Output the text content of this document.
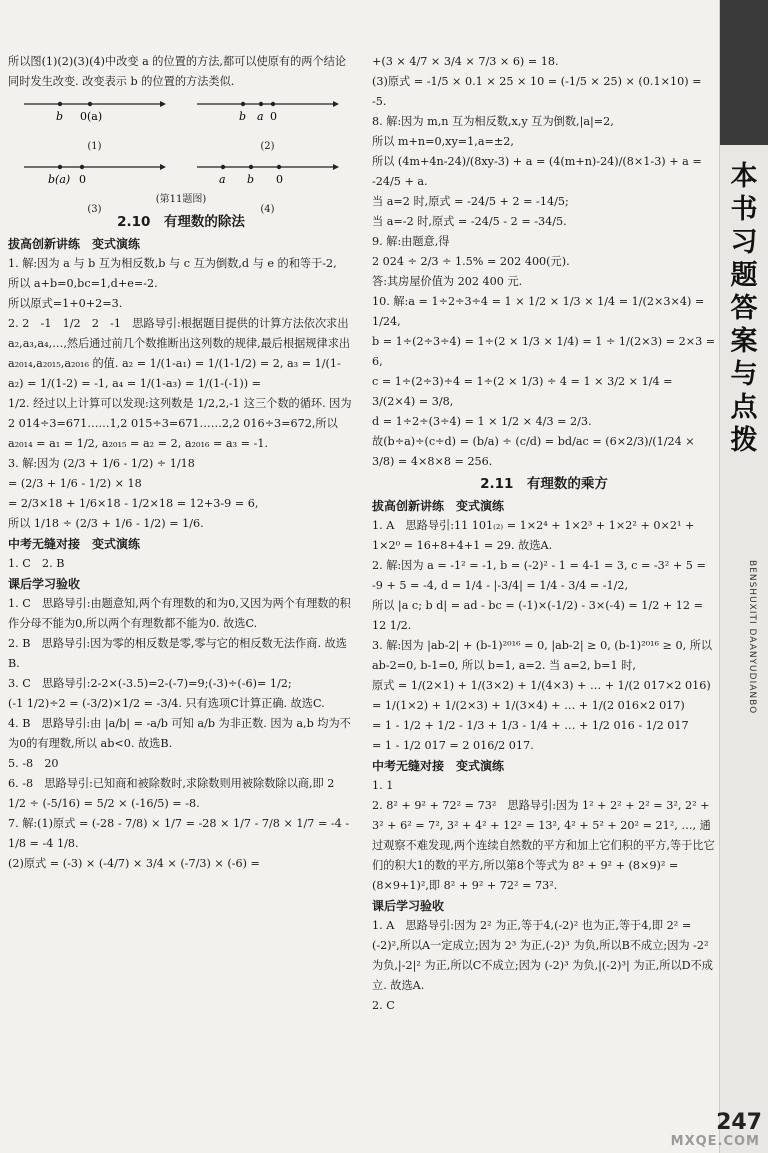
所以图(1)(2)(3)(4)中改变 a 的位置的方法,都可以使原有的两个结论同时发生改变. 改变表示 b 的位置的方法类似.

b 0(a)
(1)
b a 0
(2)
b(a) 0
(3)
a b 0
(4)
(第11题图)
2.10　有理数的除法
拔高创新讲练　变式演练

1. 解:因为 a 与 b 互为相反数,b 与 c 互为倒数,d 与 e 的和等于-2,

所以 a+b=0,bc=1,d+e=-2.

所以原式=1+0+2=3.

2. 2　-1　1/2　2　-1　思路导引:根据题目提供的计算方法依次求出 a₂,a₃,a₄,…,然后通过前几个数推断出这列数的规律,最后根据规律求出 a₂₀₁₄,a₂₀₁₅,a₂₀₁₆ 的值. a₂ = 1/(1-a₁) = 1/(1-1/2) = 2, a₃ = 1/(1-a₂) = 1/(1-2) = -1, a₄ = 1/(1-a₃) = 1/(1-(-1)) =

1/2. 经过以上计算可以发现:这列数是 1/2,2,-1 这三个数的循环. 因为 2 014÷3=671……1,2 015÷3=671……2,2 016÷3=672,所以 a₂₀₁₄ = a₁ = 1/2, a₂₀₁₅ = a₂ = 2, a₂₀₁₆ = a₃ = -1.

3. 解:因为 (2/3 + 1/6 - 1/2) ÷ 1/18

= (2/3 + 1/6 - 1/2) × 18

= 2/3×18 + 1/6×18 - 1/2×18 = 12+3-9 = 6,

所以 1/18 ÷ (2/3 + 1/6 - 1/2) = 1/6.

中考无缝对接　变式演练

1. C　2. B

课后学习验收

1. C　思路导引:由题意知,两个有理数的和为0,又因为两个有理数的积作分母不能为0,所以两个有理数都不能为0. 故选C.

2. B　思路导引:因为零的相反数是零,零与它的相反数无法作商. 故选B.

3. C　思路导引:2-2×(-3.5)=2-(-7)=9;(-3)÷(-6)= 1/2;

(-1 1/2)÷2 = (-3/2)×1/2 = -3/4. 只有选项C计算正确. 故选C.

4. B　思路导引:由 |a/b| = -a/b 可知 a/b 为非正数. 因为 a,b 均为不为0的有理数,所以 ab<0. 故选B.

5. -8　20

6. -8　思路导引:已知商和被除数时,求除数则用被除数除以商,即 2 1/2 ÷ (-5/16) = 5/2 × (-16/5) = -8.

7. 解:(1)原式 = (-28 - 7/8) × 1/7 = -28 × 1/7 - 7/8 × 1/7 = -4 - 1/8 = -4 1/8.

(2)原式 = (-3) × (-4/7) × 3/4 × (-7/3) × (-6) =

+(3 × 4/7 × 3/4 × 7/3 × 6) = 18.

(3)原式 = -1/5 × 0.1 × 25 × 10 = (-1/5 × 25) × (0.1×10) = -5.

8. 解:因为 m,n 互为相反数,x,y 互为倒数,|a|=2,

所以 m+n=0,xy=1,a=±2,

所以 (4m+4n-24)/(8xy-3) + a = (4(m+n)-24)/(8×1-3) + a = -24/5 + a.

当 a=2 时,原式 = -24/5 + 2 = -14/5;

当 a=-2 时,原式 = -24/5 - 2 = -34/5.

9. 解:由题意,得

2 024 ÷ 2/3 ÷ 1.5% = 202 400(元).

答:其房屋价值为 202 400 元.

10. 解:a = 1÷2÷3÷4 = 1 × 1/2 × 1/3 × 1/4 = 1/(2×3×4) = 1/24,

b = 1÷(2÷3÷4) = 1÷(2 × 1/3 × 1/4) = 1 ÷ 1/(2×3) = 2×3 = 6,

c = 1÷(2÷3)÷4 = 1÷(2 × 1/3) ÷ 4 = 1 × 3/2 × 1/4 = 3/(2×4) = 3/8,

d = 1÷2÷(3÷4) = 1 × 1/2 × 4/3 = 2/3.

故(b÷a)÷(c÷d) = (b/a) ÷ (c/d) = bd/ac = (6×2/3)/(1/24 × 3/8) = 4×8×8 = 256.

2.11　有理数的乘方
拔高创新讲练　变式演练

1. A　思路导引:11 101₍₂₎ = 1×2⁴ + 1×2³ + 1×2² + 0×2¹ + 1×2⁰ = 16+8+4+1 = 29. 故选A.

2. 解:因为 a = -1² = -1, b = (-2)² - 1 = 4-1 = 3, c = -3² + 5 = -9 + 5 = -4, d = 1/4 - |-3/4| = 1/4 - 3/4 = -1/2,

所以 |a c; b d| = ad - bc = (-1)×(-1/2) - 3×(-4) = 1/2 + 12 = 12 1/2.

3. 解:因为 |ab-2| + (b-1)²⁰¹⁶ = 0, |ab-2| ≥ 0, (b-1)²⁰¹⁶ ≥ 0, 所以 ab-2=0, b-1=0, 所以 b=1, a=2. 当 a=2, b=1 时,

原式 = 1/(2×1) + 1/(3×2) + 1/(4×3) + … + 1/(2 017×2 016)

= 1/(1×2) + 1/(2×3) + 1/(3×4) + … + 1/(2 016×2 017)

= 1 - 1/2 + 1/2 - 1/3 + 1/3 - 1/4 + … + 1/2 016 - 1/2 017

= 1 - 1/2 017 = 2 016/2 017.

中考无缝对接　变式演练

1. 1

2. 8² + 9² + 72² = 73²　思路导引:因为 1² + 2² + 2² = 3², 2² + 3² + 6² = 7², 3² + 4² + 12² = 13², 4² + 5² + 20² = 21², …, 通过观察不难发现,两个连续自然数的平方和加上它们积的平方,等于比它们的积大1的数的平方,所以第8个等式为 8² + 9² + (8×9)² = (8×9+1)²,即 8² + 9² + 72² = 73².

课后学习验收

1. A　思路导引:因为 2² 为正,等于4,(-2)² 也为正,等于4,即 2² = (-2)²,所以A一定成立;因为 2³ 为正,(-2)³ 为负,所以B不成立;因为 -2² 为负,|-2|² 为正,所以C不成立;因为 (-2)³ 为负,|(-2)³| 为正,所以D不成立. 故选A.

2. C

本书习题答案与点拨
BENSHUXITI DAANYUDIANBO
247
MXQE.COM
